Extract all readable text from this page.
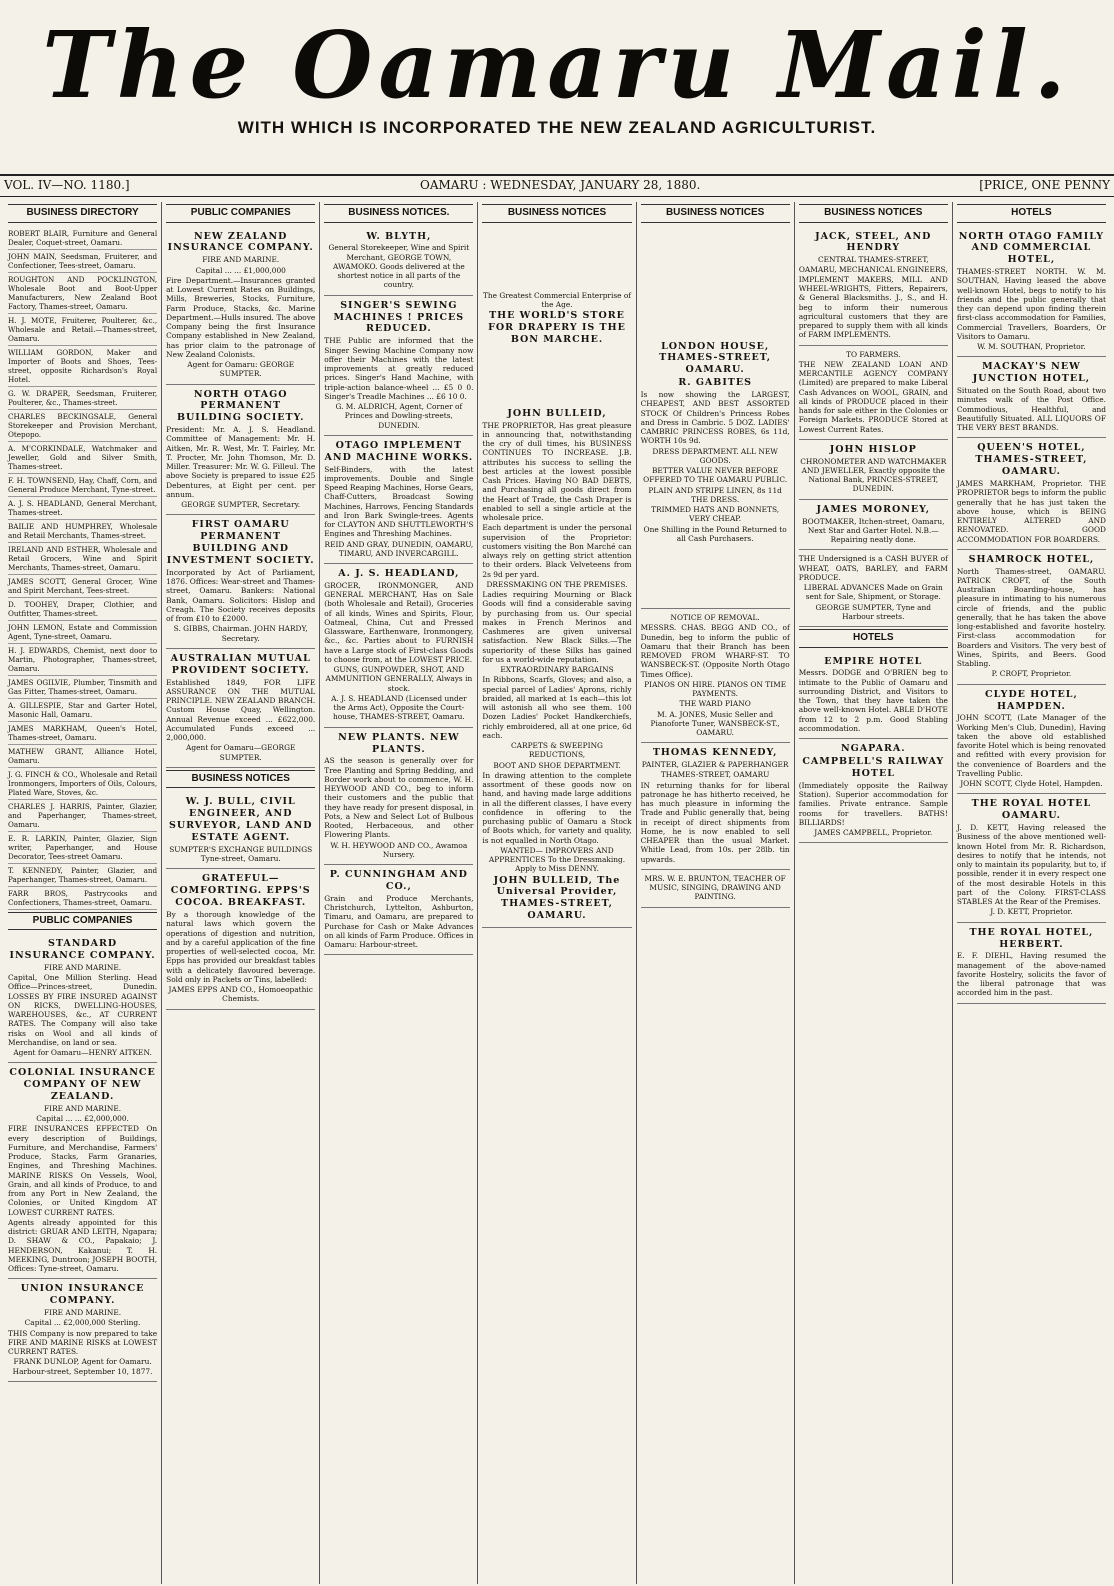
The Oamaru Mail.
WITH WHICH IS INCORPORATED THE NEW ZEALAND AGRICULTURIST.
VOL. IV—NO. 1180.]	OAMARU : WEDNESDAY, JANUARY 28, 1880.	[PRICE, ONE PENNY
BUSINESS DIRECTORY
ROBERT BLAIR, Furniture and General Dealer, Coquet-street, Oamaru.
JOHN MAIN, Seedsman, Fruiterer, and Confectioner, Tees-street, Oamaru.
ROUGHTON AND POCKLINGTON, Wholesale Boot and Boot-Upper Manufacturers, New Zealand Boot Factory, Thames-street, Oamaru.
H. J. MOTE, Fruiterer, Poulterer, &c., Wholesale and Retail.—Thames-street, Oamaru.
WILLIAM GORDON, Maker and Importer of Boots and Shoes, Tees-street, opposite Richardson's Royal Hotel.
G. W. DRAPER, Seedsman, Fruiterer, Poulterer, &c., Thames-street.
CHARLES BECKINGSALE, General Storekeeper and Provision Merchant, Otepopo.
A. M'CORKINDALE, Watchmaker and Jeweller, Gold and Silver Smith, Thames-street.
F. H. TOWNSEND, Hay, Chaff, Corn, and General Produce Merchant, Tyne-street.
A. J. S. HEADLAND, General Merchant, Thames-street.
BAILIE AND HUMPHREY, Wholesale and Retail Merchants, Thames-street.
IRELAND AND ESTHER, Wholesale and Retail Grocers, Wine and Spirit Merchants, Thames-street, Oamaru.
JAMES SCOTT, General Grocer, Wine and Spirit Merchant, Tees-street.
D. TOOHEY, Draper, Clothier, and Outfitter, Thames-street.
JOHN LEMON, Estate and Commission Agent, Tyne-street, Oamaru.
H. J. EDWARDS, Chemist, next door to Martin, Photographer, Thames-street, Oamaru.
JAMES OGILVIE, Plumber, Tinsmith and Gas Fitter, Thames-street, Oamaru.
A. GILLESPIE, Star and Garter Hotel, Masonic Hall, Oamaru.
JAMES MARKHAM, Queen's Hotel, Thames-street, Oamaru.
MATHEW GRANT, Alliance Hotel, Oamaru.
J. G. FINCH & CO., Wholesale and Retail Ironmongers, Importers of Oils, Colours, Plated Ware, Stoves, &c.
CHARLES J. HARRIS, Painter, Glazier, and Paperhanger, Thames-street, Oamaru.
E. R. LARKIN, Painter, Glazier, Sign writer, Paperhanger, and House Decorator, Tees-street Oamaru.
T. KENNEDY, Painter, Glazier, and Paperhanger, Thames-street, Oamaru.
FARR BROS, Pastrycooks and Confectioners, Thames-street, Oamaru.
PUBLIC COMPANIES

STANDARD INSURANCE COMPANY.

FIRE AND MARINE.

Capital, One Million Sterling. Head Office—Princes-street, Dunedin. LOSSES BY FIRE INSURED AGAINST ON RICKS, DWELLING-HOUSES, WAREHOUSES, &c., AT CURRENT RATES. The Company will also take risks on Wool and all kinds of Merchandise, on land or sea.

Agent for Oamaru—HENRY AITKEN.

COLONIAL INSURANCE COMPANY OF NEW ZEALAND.

FIRE AND MARINE.

Capital ... ... £2,000,000.

FIRE INSURANCES EFFECTED On every description of Buildings, Furniture, and Merchandise, Farmers' Produce, Stacks, Farm Granaries, Engines, and Threshing Machines. MARINE RISKS On Vessels, Wool, Grain, and all kinds of Produce, to and from any Port in New Zealand, the Colonies, or United Kingdom AT LOWEST CURRENT RATES.

Agents already appointed for this district: GRUAR AND LEITH, Ngapara; D. SHAW & CO., Papakaio; J. HENDERSON, Kakanui; T. H. MEEKING, Duntroon; JOSEPH BOOTH, Offices: Tyne-street, Oamaru.

UNION INSURANCE COMPANY.

FIRE AND MARINE.

Capital ... £2,000,000 Sterling.

THIS Company is now prepared to take FIRE AND MARINE RISKS at LOWEST CURRENT RATES.

FRANK DUNLOP, Agent for Oamaru. Harbour-street, September 10, 1877.

PUBLIC COMPANIES

NEW ZEALAND INSURANCE COMPANY.

FIRE AND MARINE.

Capital ... ... £1,000,000

Fire Department.—Insurances granted at Lowest Current Rates on Buildings, Mills, Breweries, Stocks, Furniture, Farm Produce, Stacks, &c. Marine Department.—Hulls insured. The above Company being the first Insurance Company established in New Zealand, has prior claim to the patronage of New Zealand Colonists.

Agent for Oamaru: GEORGE SUMPTER.

NORTH OTAGO PERMANENT BUILDING SOCIETY.

President: Mr. A. J. S. Headland. Committee of Management: Mr. H. Aitken, Mr. R. West, Mr. T. Fairley, Mr. T. Procter, Mr. John Thomson, Mr. D. Miller. Treasurer: Mr. W. G. Filleul. The above Society is prepared to issue £25 Debentures, at Eight per cent. per annum.

GEORGE SUMPTER, Secretary.

FIRST OAMARU PERMANENT BUILDING AND INVESTMENT SOCIETY.

Incorporated by Act of Parliament, 1876. Offices: Wear-street and Thames-street, Oamaru. Bankers: National Bank, Oamaru. Solicitors: Hislop and Creagh. The Society receives deposits of from £10 to £2000.

S. GIBBS, Chairman. JOHN HARDY, Secretary.

AUSTRALIAN MUTUAL PROVIDENT SOCIETY.

Established 1849, FOR LIFE ASSURANCE ON THE MUTUAL PRINCIPLE. NEW ZEALAND BRANCH. Custom House Quay, Wellington. Annual Revenue exceed ... £622,000. Accumulated Funds exceed ... 2,000,000.

Agent for Oamaru—GEORGE SUMPTER.

BUSINESS NOTICES

W. J. BULL, CIVIL ENGINEER, AND SURVEYOR, LAND AND ESTATE AGENT.

SUMPTER'S EXCHANGE BUILDINGS Tyne-street, Oamaru.

GRATEFUL—COMFORTING. EPPS'S COCOA. BREAKFAST.

By a thorough knowledge of the natural laws which govern the operations of digestion and nutrition, and by a careful application of the fine properties of well-selected cocoa, Mr. Epps has provided our breakfast tables with a delicately flavoured beverage. Sold only in Packets or Tins, labelled:

JAMES EPPS AND CO., Homoeopathic Chemists.

BUSINESS NOTICES.

W. BLYTH,

General Storekeeper, Wine and Spirit Merchant, GEORGE TOWN, AWAMOKO. Goods delivered at the shortest notice in all parts of the country.

SINGER'S SEWING MACHINES ! PRICES REDUCED.

THE Public are informed that the Singer Sewing Machine Company now offer their Machines with the latest improvements at greatly reduced prices. Singer's Hand Machine, with triple-action balance-wheel ... £5 0 0. Singer's Treadle Machines ... £6 10 0.

G. M. ALDRICH, Agent, Corner of Princes and Dowling-streets, DUNEDIN.

OTAGO IMPLEMENT AND MACHINE WORKS.

Self-Binders, with the latest improvements. Double and Single Speed Reaping Machines, Horse Gears, Chaff-Cutters, Broadcast Sowing Machines, Harrows, Fencing Standards and Iron Bark Swingle-trees. Agents for CLAYTON AND SHUTTLEWORTH'S Engines and Threshing Machines.

REID AND GRAY, DUNEDIN, OAMARU, TIMARU, AND INVERCARGILL.

A. J. S. HEADLAND,

GROCER, IRONMONGER, AND GENERAL MERCHANT, Has on Sale (both Wholesale and Retail), Groceries of all kinds, Wines and Spirits, Flour, Oatmeal, China, Cut and Pressed Glassware, Earthenware, Ironmongery, &c., &c. Parties about to FURNISH have a Large stock of First-class Goods to choose from, at the LOWEST PRICE.

GUNS, GUNPOWDER, SHOT, AND AMMUNITION GENERALLY, Always in stock.

A. J. S. HEADLAND (Licensed under the Arms Act), Opposite the Court-house, THAMES-STREET, Oamaru.

NEW PLANTS. NEW PLANTS.

AS the season is generally over for Tree Planting and Spring Bedding, and Border work about to commence, W. H. HEYWOOD AND CO., beg to inform their customers and the public that they have ready for present disposal, in Pots, a New and Select Lot of Bulbous Rooted, Herbaceous, and other Flowering Plants.

W. H. HEYWOOD AND CO., Awamoa Nursery.

P. CUNNINGHAM AND CO.,

Grain and Produce Merchants, Christchurch, Lyttelton, Ashburton, Timaru, and Oamaru, are prepared to Purchase for Cash or Make Advances on all kinds of Farm Produce. Offices in Oamaru: Harbour-street.

BUSINESS NOTICES

The Greatest Commercial Enterprise of the Age.

THE WORLD'S STORE FOR DRAPERY IS THE BON MARCHE.

JOHN BULLEID,

THE PROPRIETOR, Has great pleasure in announcing that, notwithstanding the cry of dull times, his BUSINESS CONTINUES TO INCREASE. J.B. attributes his success to selling the best articles at the lowest possible Cash Prices. Having NO BAD DEBTS, and Purchasing all goods direct from the Heart of Trade, the Cash Draper is enabled to sell a single article at the wholesale price.

Each department is under the personal supervision of the Proprietor: customers visiting the Bon Marché can always rely on getting strict attention to their orders. Black Velveteens from 2s 9d per yard.

DRESSMAKING ON THE PREMISES.

Ladies requiring Mourning or Black Goods will find a considerable saving by purchasing from us. Our special makes in French Merinos and Cashmeres are given universal satisfaction. New Black Silks.—The superiority of these Silks has gained for us a world-wide reputation.

EXTRAORDINARY BARGAINS

In Ribbons, Scarfs, Gloves; and also, a special parcel of Ladies' Aprons, richly braided, all marked at 1s each—this lot will astonish all who see them. 100 Dozen Ladies' Pocket Handkerchiefs, richly embroidered, all at one price, 6d each.

CARPETS & SWEEPING REDUCTIONS,

BOOT AND SHOE DEPARTMENT.

In drawing attention to the complete assortment of these goods now on hand, and having made large additions in all the different classes, I have every confidence in offering to the purchasing public of Oamaru a Stock of Boots which, for variety and quality, is not equalled in North Otago.

WANTED— IMPROVERS AND APPRENTICES To the Dressmaking. Apply to Miss DENNY.

JOHN BULLEID, The Universal Provider, THAMES-STREET, OAMARU.

BUSINESS NOTICES

LONDON HOUSE, THAMES-STREET, OAMARU.

R. GABITES

Is now showing the LARGEST, CHEAPEST, AND BEST ASSORTED STOCK Of Children's Princess Robes and Dress in Cambric. 5 DOZ. LADIES' CAMBRIC PRINCESS ROBES, 6s 11d, WORTH 10s 9d.

DRESS DEPARTMENT. ALL NEW GOODS.

BETTER VALUE NEVER BEFORE OFFERED TO THE OAMARU PUBLIC.

PLAIN AND STRIPE LINEN, 8s 11d THE DRESS.

TRIMMED HATS AND BONNETS, VERY CHEAP.

One Shilling in the Pound Returned to all Cash Purchasers.

NOTICE OF REMOVAL.

MESSRS. CHAS. BEGG AND CO., of Dunedin, beg to inform the public of Oamaru that their Branch has been REMOVED FROM WHARF-ST. TO WANSBECK-ST. (Opposite North Otago Times Office).

PIANOS ON HIRE. PIANOS ON TIME PAYMENTS.

THE WARD PIANO

M. A. JONES, Music Seller and Pianoforte Tuner, WANSBECK-ST., OAMARU.

THOMAS KENNEDY,

PAINTER, GLAZIER & PAPERHANGER

THAMES-STREET, OAMARU

IN returning thanks for for liberal patronage he has hitherto received, he has much pleasure in informing the Trade and Public generally that, being in receipt of direct shipments from Home, he is now enabled to sell CHEAPER than the usual Market. Whitle Lead, from 10s. per 28lb. tin upwards.

MRS. W. E. BRUNTON, TEACHER OF MUSIC, SINGING, DRAWING AND PAINTING.

BUSINESS NOTICES

JACK, STEEL, AND HENDRY

CENTRAL THAMES-STREET, OAMARU, MECHANICAL ENGINEERS,

IMPLEMENT MAKERS, MILL AND WHEEL-WRIGHTS, Fitters, Repairers, & General Blacksmiths. J., S., and H. beg to inform their numerous agricultural customers that they are prepared to supply them with all kinds of FARM IMPLEMENTS.

TO FARMERS.

THE NEW ZEALAND LOAN AND MERCANTILE AGENCY COMPANY (Limited) are prepared to make Liberal Cash Advances on WOOL, GRAIN, and all kinds of PRODUCE placed in their hands for sale either in the Colonies or Foreign Markets. PRODUCE Stored at Lowest Current Rates.

JOHN HISLOP

CHRONOMETER AND WATCHMAKER AND JEWELLER, Exactly opposite the National Bank, PRINCES-STREET, DUNEDIN.

JAMES MORONEY,

BOOTMAKER, Itchen-street, Oamaru, Next Star and Garter Hotel. N.B.—Repairing neatly done.

THE Undersigned is a CASH BUYER of WHEAT, OATS, BARLEY, and FARM PRODUCE.

LIBERAL ADVANCES Made on Grain sent for Sale, Shipment, or Storage.

GEORGE SUMPTER, Tyne and Harbour streets.

HOTELS

EMPIRE HOTEL

Messrs. DODGE and O'BRIEN beg to intimate to the Public of Oamaru and surrounding District, and Visitors to the Town, that they have taken the above well-known Hotel. ABLE D'HOTE from 12 to 2 p.m. Good Stabling accommodation.

NGAPARA.

CAMPBELL'S RAILWAY HOTEL

(Immediately opposite the Railway Station). Superior accommodation for families. Private entrance. Sample rooms for travellers. BATHS! BILLIARDS!

JAMES CAMPBELL, Proprietor.

HOTELS

NORTH OTAGO FAMILY AND COMMERCIAL HOTEL,

THAMES-STREET NORTH. W. M. SOUTHAN, Having leased the above well-known Hotel, begs to notify to his friends and the public generally that they can depend upon finding therein first-class accommodation for Families, Commercial Travellers, Boarders, Or Visitors to Oamaru.

W. M. SOUTHAN, Proprietor.

MACKAY'S NEW JUNCTION HOTEL,

Situated on the South Road, about two minutes walk of the Post Office. Commodious, Healthful, and Beautifully Situated. ALL LIQUORS OF THE VERY BEST BRANDS.

QUEEN'S HOTEL, THAMES-STREET, OAMARU.

JAMES MARKHAM, Proprietor. THE PROPRIETOR begs to inform the public generally that he has just taken the above house, which is BEING ENTIRELY ALTERED AND RENOVATED. GOOD ACCOMMODATION FOR BOARDERS.

SHAMROCK HOTEL,

North Thames-street, OAMARU. PATRICK CROFT, of the South Australian Boarding-house, has pleasure in intimating to his numerous circle of friends, and the public generally, that he has taken the above long-established and favorite hostelry. First-class accommodation for Boarders and Visitors. The very best of Wines, Spirits, and Beers. Good Stabling.

P. CROFT, Proprietor.

CLYDE HOTEL, HAMPDEN.

JOHN SCOTT, (Late Manager of the Working Men's Club, Dunedin), Having taken the above old established favorite Hotel which is being renovated and refitted with every provision for the convenience of Boarders and the Travelling Public.

JOHN SCOTT, Clyde Hotel, Hampden.

THE ROYAL HOTEL OAMARU.

J. D. KETT, Having released the Business of the above mentioned well-known Hotel from Mr. R. Richardson, desires to notify that he intends, not only to maintain its popularity, but to, if possible, render it in every respect one of the most desirable Hotels in this part of the Colony. FIRST-CLASS STABLES At the Rear of the Premises.

J. D. KETT, Proprietor.

THE ROYAL HOTEL, HERBERT.

E. F. DIEHL, Having resumed the management of the above-named favorite Hostelry, solicits the favor of the liberal patronage that was accorded him in the past.
